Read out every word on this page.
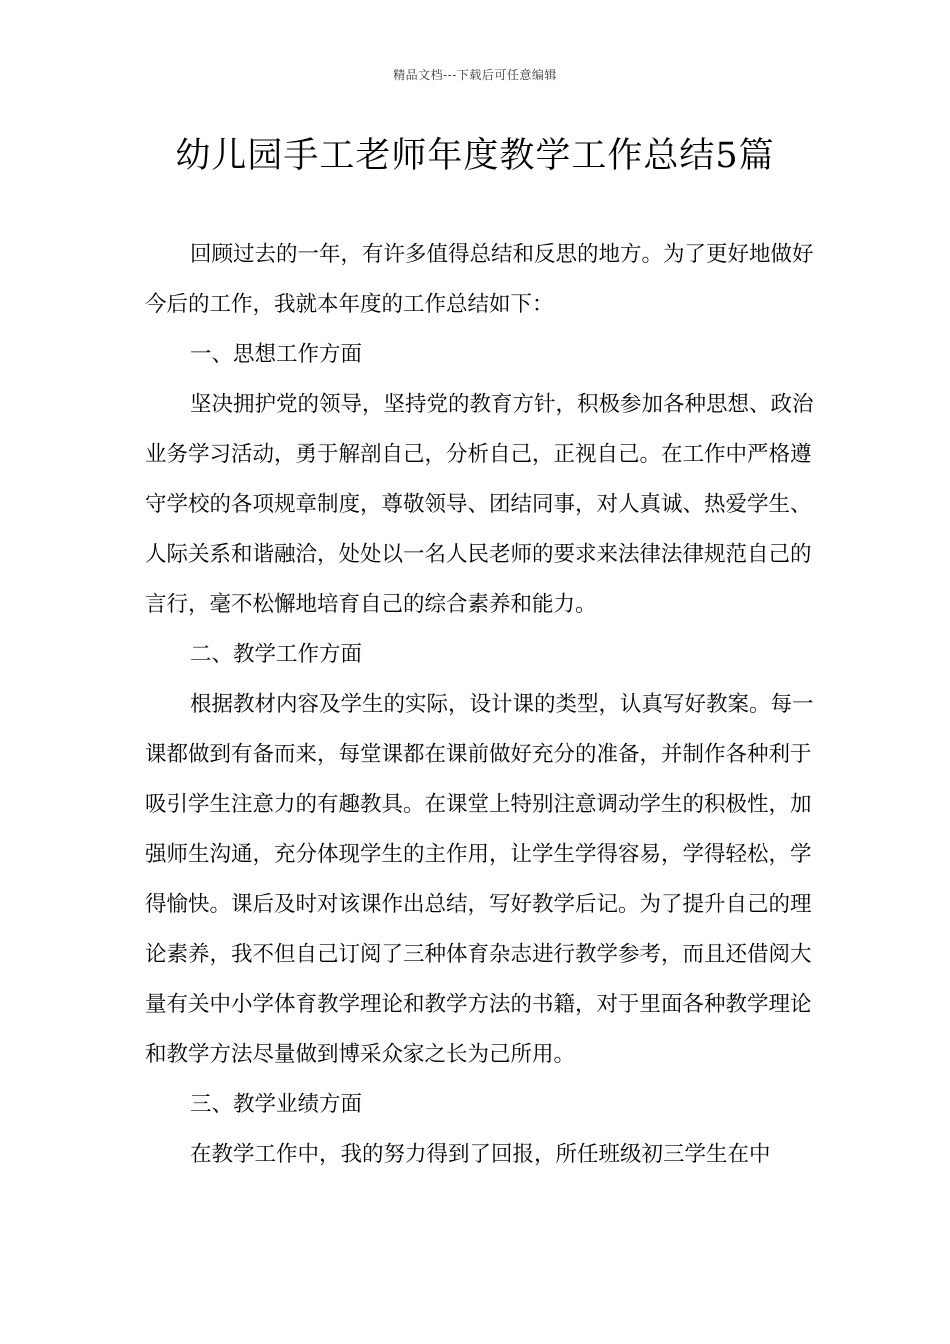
精品文档---下载后可任意编辑
幼儿园手工老师年度教学工作总结5篇

回顾过去的一年，有许多值得总结和反思的地方。为了更好地做好今后的工作，我就本年度的工作总结如下：

一、思想工作方面

坚决拥护党的领导，坚持党的教育方针，积极参加各种思想、政治业务学习活动，勇于解剖自己，分析自己，正视自己。在工作中严格遵守学校的各项规章制度，尊敬领导、团结同事，对人真诚、热爱学生、人际关系和谐融洽，处处以一名人民老师的要求来法律法律规范自己的言行，毫不松懈地培育自己的综合素养和能力。

二、教学工作方面

根据教材内容及学生的实际，设计课的类型，认真写好教案。每一课都做到有备而来，每堂课都在课前做好充分的准备，并制作各种利于吸引学生注意力的有趣教具。在课堂上特别注意调动学生的积极性，加强师生沟通，充分体现学生的主作用，让学生学得容易，学得轻松，学得愉快。课后及时对该课作出总结，写好教学后记。为了提升自己的理论素养，我不但自己订阅了三种体育杂志进行教学参考，而且还借阅大量有关中小学体育教学理论和教学方法的书籍，对于里面各种教学理论和教学方法尽量做到博采众家之长为己所用。

三、教学业绩方面

在教学工作中，我的努力得到了回报，所任班级初三学生在中
